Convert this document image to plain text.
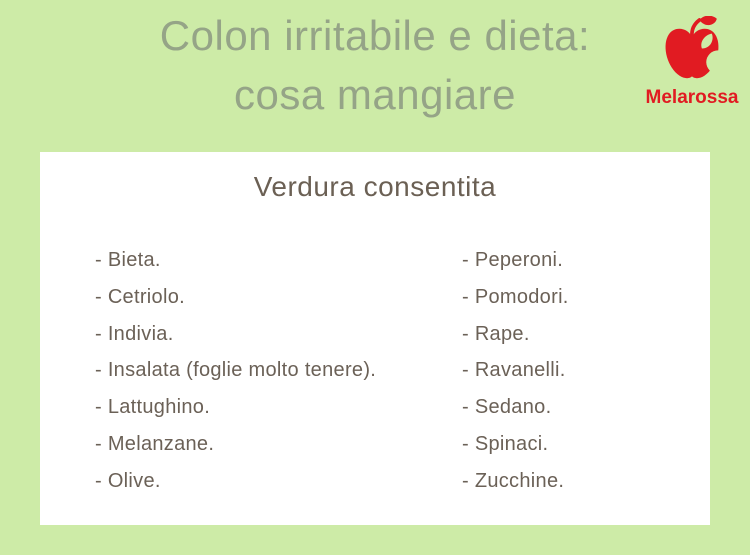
Colon irritabile e dieta:
cosa mangiare	Melarossa
Verdura consentita
- Bieta.
- Cetriolo.
- Indivia.
- Insalata (foglie molto tenere).
- Lattughino.
- Melanzane.
- Olive.
- Peperoni.
- Pomodori.
- Rape.
- Ravanelli.
- Sedano.
- Spinaci.
- Zucchine.
